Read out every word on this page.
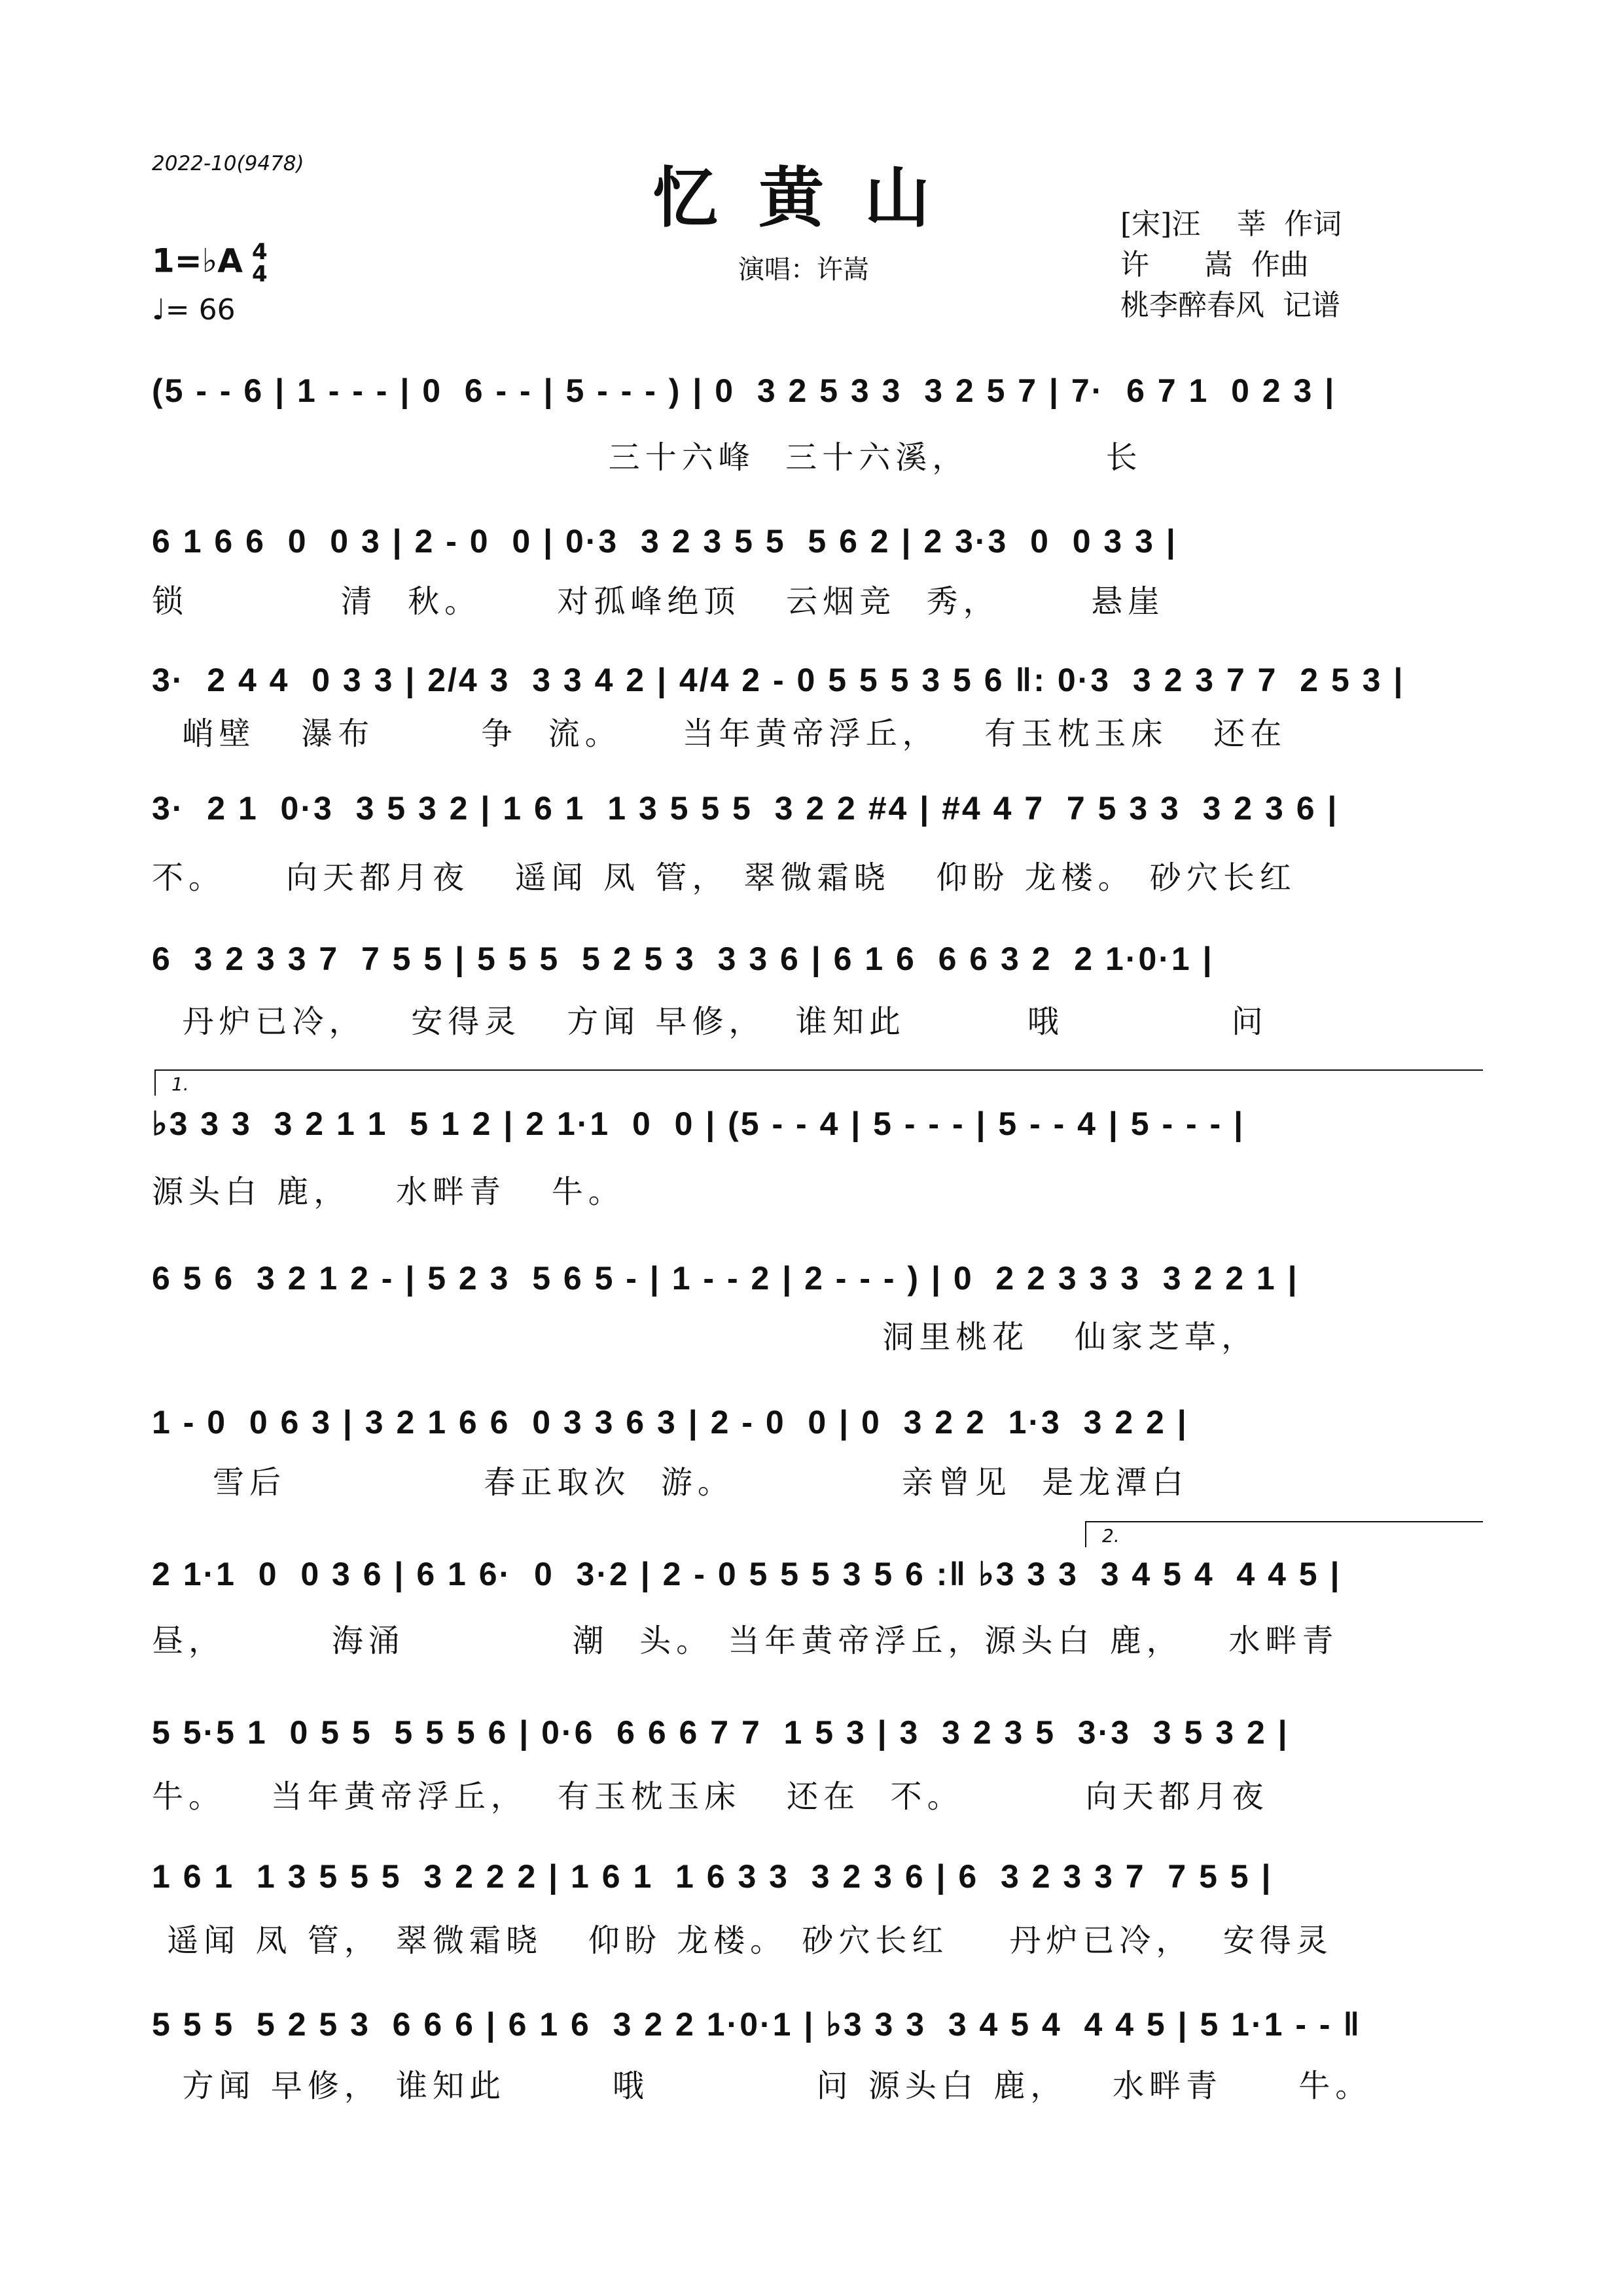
2022-10(9478)	忆黄山
演唱：许嵩
[宋]汪    莘  作词
许      嵩  作曲
桃李醉春风  记谱
1=♭A 4
4
♩= 66
(5 - - 6 | 1 - - - | 0  6 - - | 5 - - - ) | 0  3 2 5 3 3  3 2 5 7 | 7·  6 7 1  0 2 3 |
三十六峰  三十六溪，         长
6 1 6 6  0  0 3 | 2 - 0  0 | 0·3  3 2 3 5 5  5 6 2 | 2 3·3  0  0 3 3 |
锁          清  秋。     对孤峰绝顶   云烟竞  秀，      悬崖
3·  2 4 4  0 3 3 | 2/4 3  3 3 4 2 | 4/4 2 - 0 5 5 5 3 5 6 ‖: 0·3  3 2 3 7 7  2 5 3 |
峭壁   瀑布       争  流。    当年黄帝浮丘，   有玉枕玉床   还在
3·  2 1  0·3  3 5 3 2 | 1 6 1  1 3 5 5 5  3 2 2 #4 | #4 4 7  7 5 3 3  3 2 3 6 |
不。    向天都月夜   遥闻 凤 管， 翠微霜晓   仰盼 龙楼。 砂穴长红
6  3 2 3 3 7  7 5 5 | 5 5 5  5 2 5 3  3 3 6 | 6 1 6  6 6 3 2  2 1·0·1 |
丹炉已冷，   安得灵   方闻 早修，  谁知此        哦           问
1.
♭3 3 3  3 2 1 1  5 1 2 | 2 1·1  0  0 | (5 - - 4 | 5 - - - | 5 - - 4 | 5 - - - |
源头白 鹿，   水畔青   牛。
6 5 6  3 2 1 2 - | 5 2 3  5 6 5 - | 1 - - 2 | 2 - - - ) | 0  2 2 3 3 3  3 2 2 1 |
洞里桃花   仙家芝草，
1 - 0  0 6 3 | 3 2 1 6 6  0 3 3 6 3 | 2 - 0  0 | 0  3 2 2  1·3  3 2 2 |
雪后             春正取次  游。           亲曾见  是龙潭白
2.
2 1·1  0  0 3 6 | 6 1 6·  0  3·2 | 2 - 0 5 5 5 3 5 6 :‖ ♭3 3 3  3 4 5 4  4 4 5 |
昼，       海涌           潮  头。 当年黄帝浮丘，源头白 鹿，   水畔青
5 5·5 1  0 5 5  5 5 5 6 | 0·6  6 6 6 7 7  1 5 3 | 3  3 2 3 5  3·3  3 5 3 2 |
牛。   当年黄帝浮丘，  有玉枕玉床   还在  不。        向天都月夜
1 6 1  1 3 5 5 5  3 2 2 2 | 1 6 1  1 6 3 3  3 2 3 6 | 6  3 2 3 3 7  7 5 5 |
遥闻 凤 管， 翠微霜晓   仰盼 龙楼。 砂穴长红    丹炉已冷，  安得灵
5 5 5  5 2 5 3  6 6 6 | 6 1 6  3 2 2 1·0·1 | ♭3 3 3  3 4 5 4  4 4 5 | 5 1·1 - - ‖
方闻 早修， 谁知此       哦           问 源头白 鹿，   水畔青     牛。
